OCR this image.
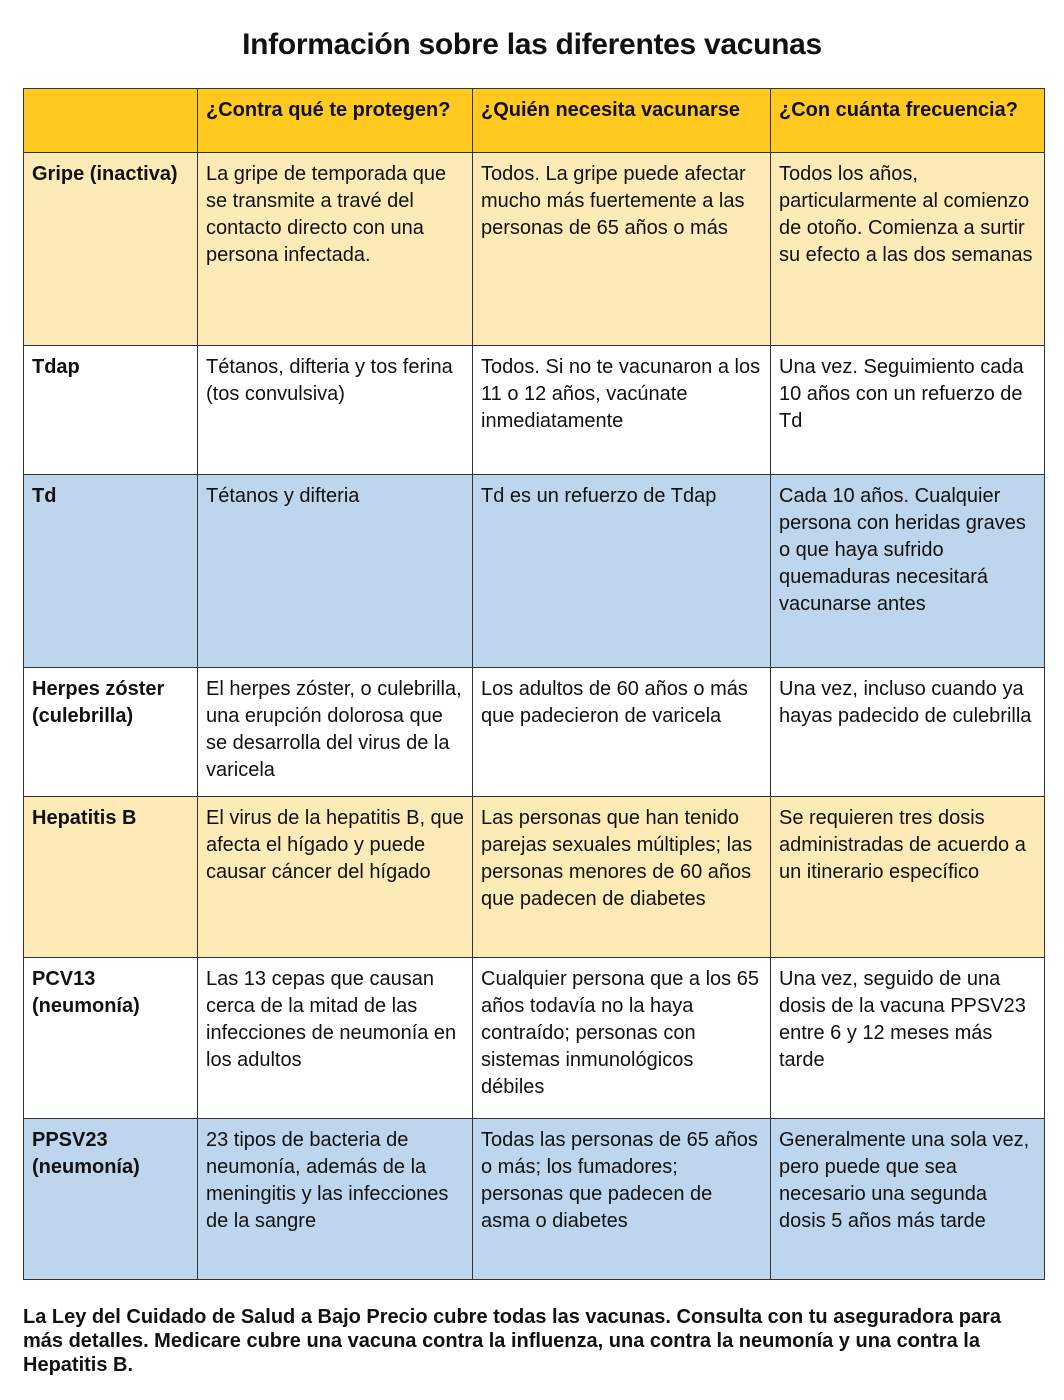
Información sobre las diferentes vacunas
	¿Contra qué te protegen?	¿Quién necesita vacunarse	¿Con cuánta frecuencia?
Gripe (inactiva)	La gripe de temporada que se transmite a travé del contacto directo con una persona infectada.	Todos. La gripe puede afectar mucho más fuertemente a las personas de 65 años o más	Todos los años, particularmente al comienzo de otoño. Comienza a surtir su efecto a las dos semanas
Tdap	Tétanos, difteria y tos ferina (tos convulsiva)	Todos. Si no te vacunaron a los 11 o 12 años, vacúnate inmediatamente	Una vez. Seguimiento cada 10 años con un refuerzo de Td
Td	Tétanos y difteria	Td es un refuerzo de Tdap	Cada 10 años. Cualquier persona con heridas graves o que haya sufrido quemaduras necesitará vacunarse antes
Herpes zóster (culebrilla)	El herpes zóster, o culebrilla, una erupción dolorosa que se desarrolla del virus de la varicela	Los adultos de 60 años o más que padecieron de varicela	Una vez, incluso cuando ya hayas padecido de culebrilla
Hepatitis B	El virus de la hepatitis B, que afecta el hígado y puede causar cáncer del hígado	Las personas que han tenido parejas sexuales múltiples; las personas menores de 60 años que padecen de diabetes	Se requieren tres dosis administradas de acuerdo a un itinerario específico
PCV13 (neumonía)	Las 13 cepas que causan cerca de la mitad de las infecciones de neumonía en los adultos	Cualquier persona que a los 65 años todavía no la haya contraído; personas con sistemas inmunológicos débiles	Una vez, seguido de una dosis de la vacuna PPSV23 entre 6 y 12 meses más tarde
PPSV23 (neumonía)	23 tipos de bacteria de neumonía, además de la meningitis y las infecciones de la sangre	Todas las personas de 65 años o más; los fumadores; personas que padecen de asma o diabetes	Generalmente una sola vez, pero puede que sea necesario una segunda dosis 5 años más tarde
La Ley del Cuidado de Salud a Bajo Precio cubre todas las vacunas. Consulta con tu aseguradora para más detalles. Medicare cubre una vacuna contra la influenza, una contra la neumonía y una contra la Hepatitis B.
